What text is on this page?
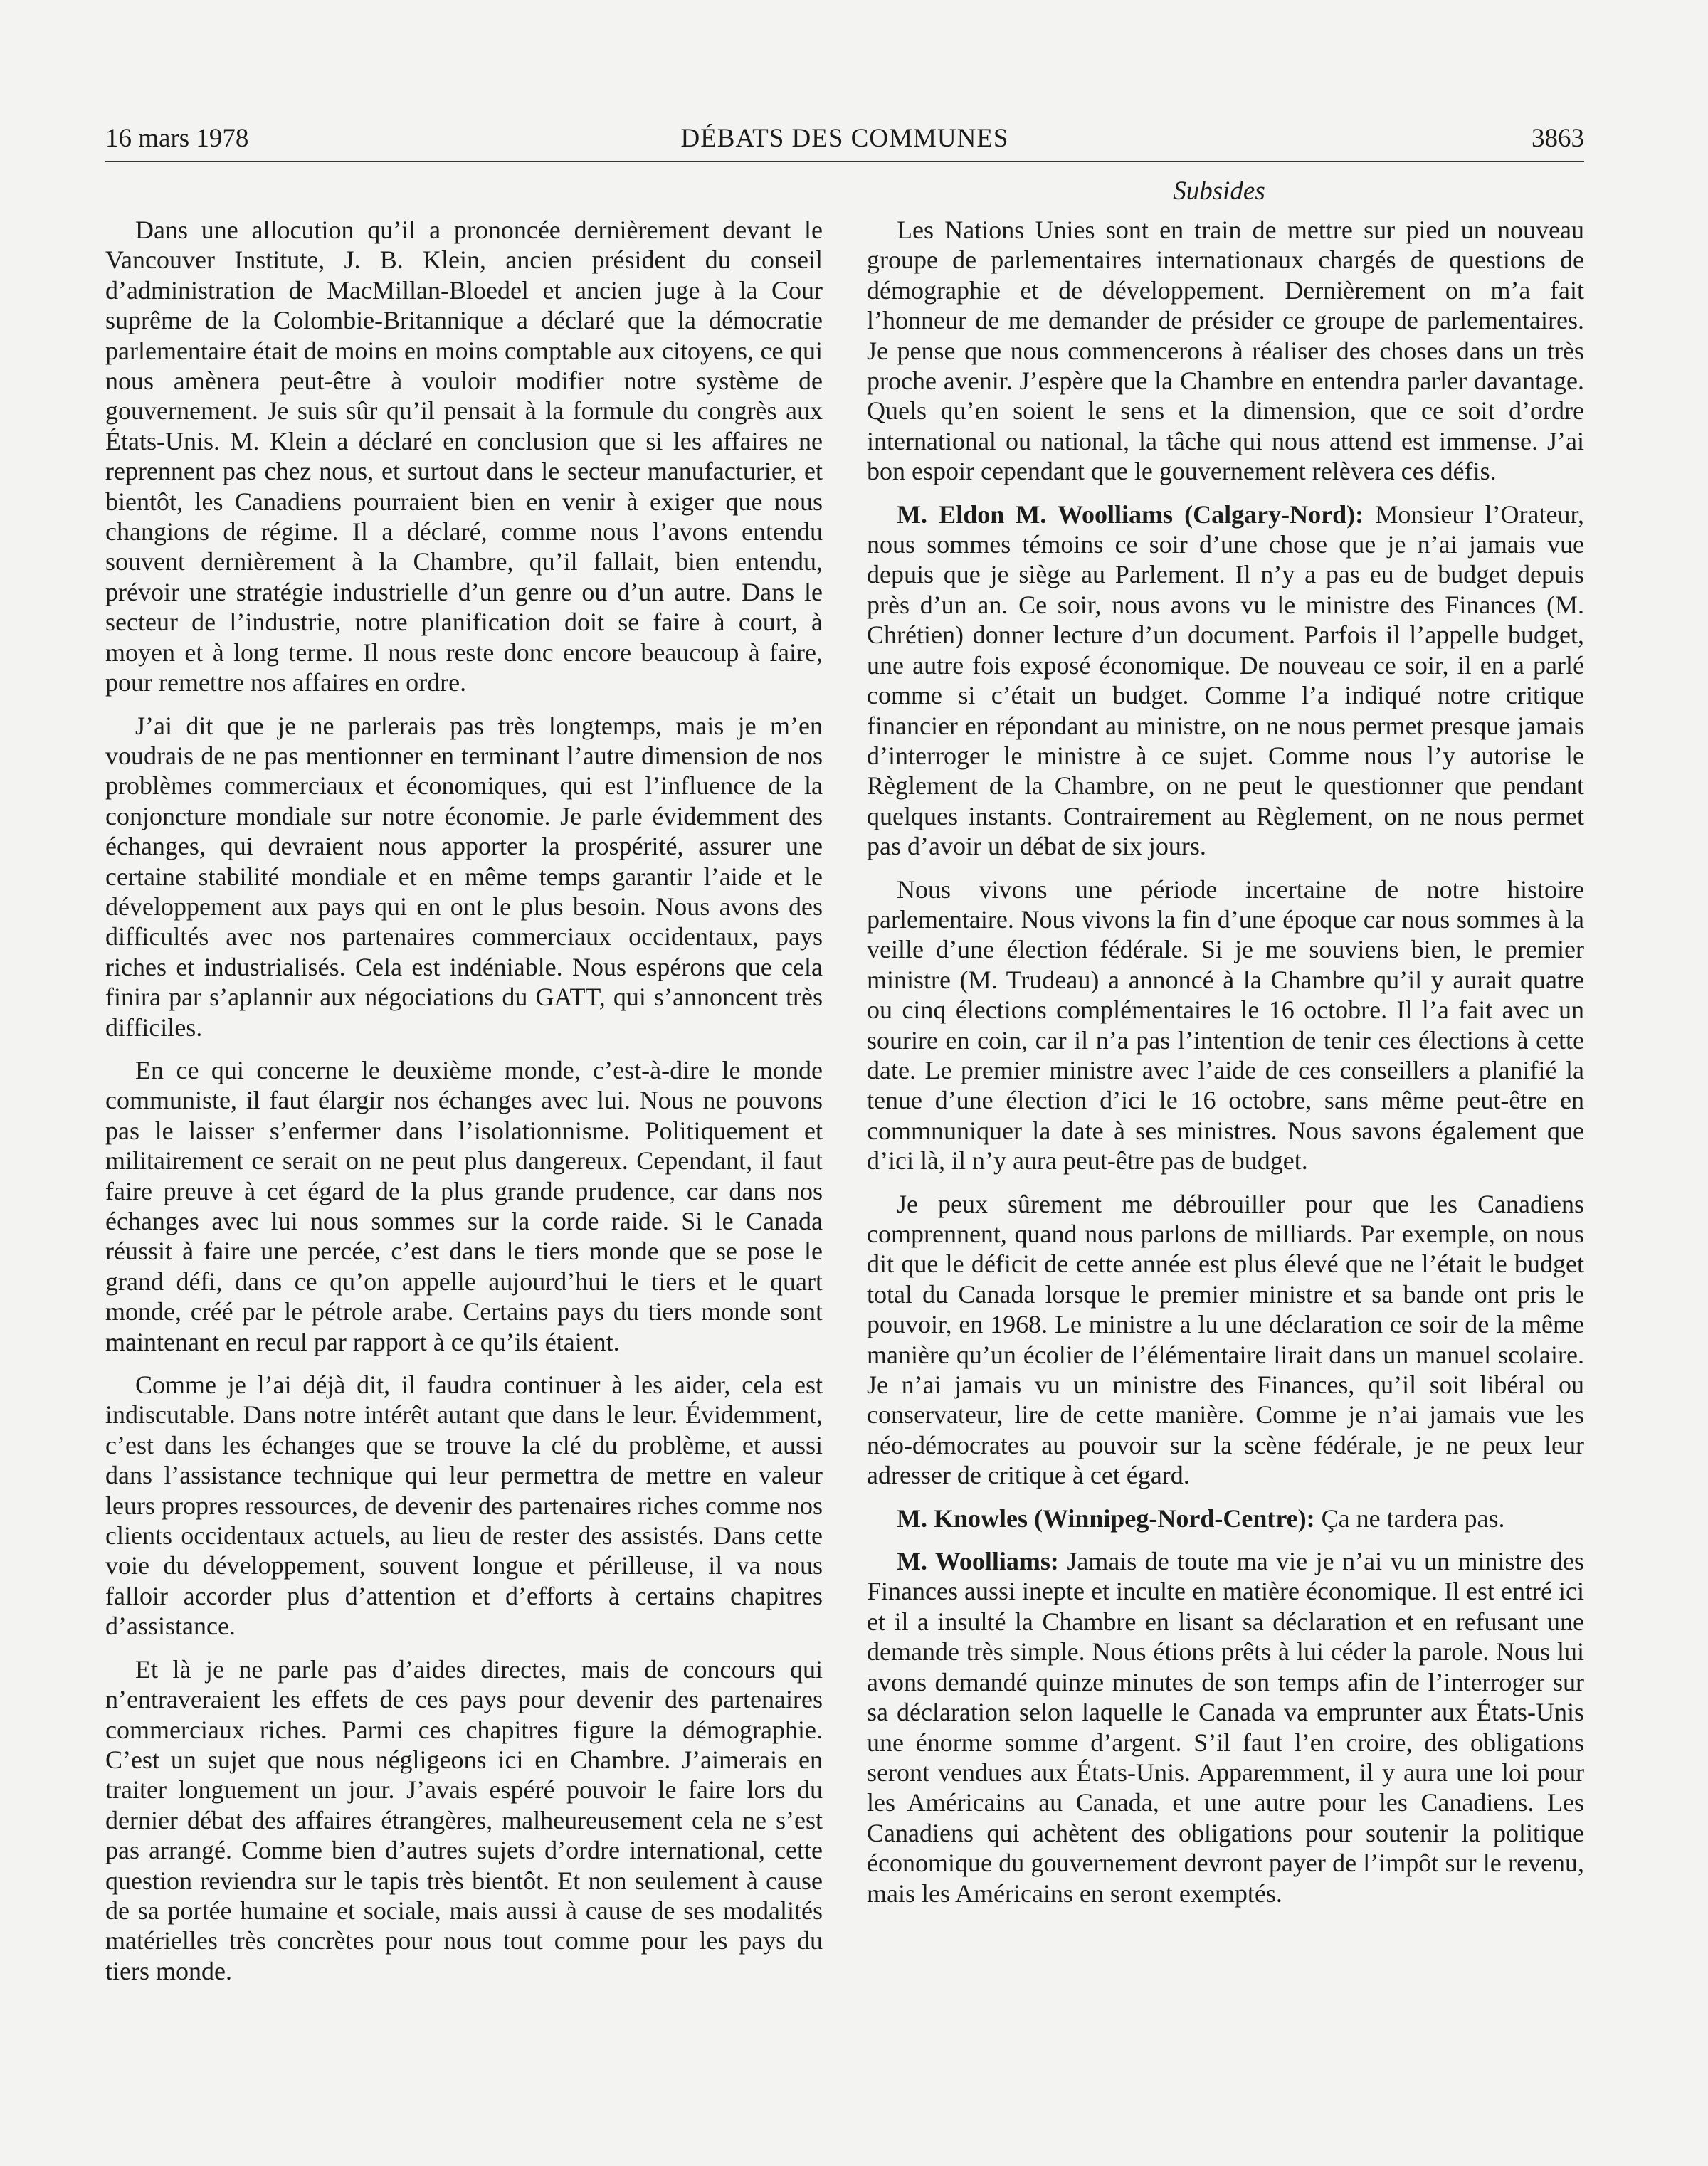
16 mars 1978	DÉBATS DES COMMUNES	3863
Subsides

Dans une allocution qu’il a prononcée dernièrement devant le Vancouver Institute, J. B. Klein, ancien président du conseil d’administration de MacMillan-Bloedel et ancien juge à la Cour suprême de la Colombie-Britannique a déclaré que la démocratie parlementaire était de moins en moins comptable aux citoyens, ce qui nous amènera peut-être à vouloir modifier notre système de gouvernement. Je suis sûr qu’il pensait à la formule du congrès aux États-Unis. M. Klein a déclaré en conclusion que si les affaires ne reprennent pas chez nous, et surtout dans le secteur manufacturier, et bientôt, les Canadiens pourraient bien en venir à exiger que nous changions de régime. Il a déclaré, comme nous l’avons entendu souvent dernièrement à la Chambre, qu’il fallait, bien entendu, prévoir une stratégie industrielle d’un genre ou d’un autre. Dans le secteur de l’industrie, notre planification doit se faire à court, à moyen et à long terme. Il nous reste donc encore beaucoup à faire, pour remettre nos affaires en ordre.

J’ai dit que je ne parlerais pas très longtemps, mais je m’en voudrais de ne pas mentionner en terminant l’autre dimension de nos problèmes commerciaux et économiques, qui est l’influence de la conjoncture mondiale sur notre économie. Je parle évidemment des échanges, qui devraient nous apporter la prospérité, assurer une certaine stabilité mondiale et en même temps garantir l’aide et le développement aux pays qui en ont le plus besoin. Nous avons des difficultés avec nos partenaires commerciaux occidentaux, pays riches et industrialisés. Cela est indéniable. Nous espérons que cela finira par s’aplannir aux négociations du GATT, qui s’annoncent très difficiles.

En ce qui concerne le deuxième monde, c’est-à-dire le monde communiste, il faut élargir nos échanges avec lui. Nous ne pouvons pas le laisser s’enfermer dans l’isolationnisme. Politiquement et militairement ce serait on ne peut plus dangereux. Cependant, il faut faire preuve à cet égard de la plus grande prudence, car dans nos échanges avec lui nous sommes sur la corde raide. Si le Canada réussit à faire une percée, c’est dans le tiers monde que se pose le grand défi, dans ce qu’on appelle aujourd’hui le tiers et le quart monde, créé par le pétrole arabe. Certains pays du tiers monde sont maintenant en recul par rapport à ce qu’ils étaient.

Comme je l’ai déjà dit, il faudra continuer à les aider, cela est indiscutable. Dans notre intérêt autant que dans le leur. Évidemment, c’est dans les échanges que se trouve la clé du problème, et aussi dans l’assistance technique qui leur permettra de mettre en valeur leurs propres ressources, de devenir des partenaires riches comme nos clients occidentaux actuels, au lieu de rester des assistés. Dans cette voie du développement, souvent longue et périlleuse, il va nous falloir accorder plus d’attention et d’efforts à certains chapitres d’assistance.

Et là je ne parle pas d’aides directes, mais de concours qui n’entraveraient les effets de ces pays pour devenir des partenaires commerciaux riches. Parmi ces chapitres figure la démographie. C’est un sujet que nous négligeons ici en Chambre. J’aimerais en traiter longuement un jour. J’avais espéré pouvoir le faire lors du dernier débat des affaires étrangères, malheureusement cela ne s’est pas arrangé. Comme bien d’autres sujets d’ordre international, cette question reviendra sur le tapis très bientôt. Et non seulement à cause de sa portée humaine et sociale, mais aussi à cause de ses modalités matérielles très concrètes pour nous tout comme pour les pays du tiers monde.

Les Nations Unies sont en train de mettre sur pied un nouveau groupe de parlementaires internationaux chargés de questions de démographie et de développement. Dernièrement on m’a fait l’honneur de me demander de présider ce groupe de parlementaires. Je pense que nous commencerons à réaliser des choses dans un très proche avenir. J’espère que la Chambre en entendra parler davantage. Quels qu’en soient le sens et la dimension, que ce soit d’ordre international ou national, la tâche qui nous attend est immense. J’ai bon espoir cependant que le gouvernement relèvera ces défis.

M. Eldon M. Woolliams (Calgary-Nord): Monsieur l’Orateur, nous sommes témoins ce soir d’une chose que je n’ai jamais vue depuis que je siège au Parlement. Il n’y a pas eu de budget depuis près d’un an. Ce soir, nous avons vu le ministre des Finances (M. Chrétien) donner lecture d’un document. Parfois il l’appelle budget, une autre fois exposé économique. De nouveau ce soir, il en a parlé comme si c’était un budget. Comme l’a indiqué notre critique financier en répondant au ministre, on ne nous permet presque jamais d’interroger le ministre à ce sujet. Comme nous l’y autorise le Règlement de la Chambre, on ne peut le questionner que pendant quelques instants. Contrairement au Règlement, on ne nous permet pas d’avoir un débat de six jours.

Nous vivons une période incertaine de notre histoire parlementaire. Nous vivons la fin d’une époque car nous sommes à la veille d’une élection fédérale. Si je me souviens bien, le premier ministre (M. Trudeau) a annoncé à la Chambre qu’il y aurait quatre ou cinq élections complémentaires le 16 octobre. Il l’a fait avec un sourire en coin, car il n’a pas l’intention de tenir ces élections à cette date. Le premier ministre avec l’aide de ces conseillers a planifié la tenue d’une élection d’ici le 16 octobre, sans même peut-être en commnuniquer la date à ses ministres. Nous savons également que d’ici là, il n’y aura peut-être pas de budget.

Je peux sûrement me débrouiller pour que les Canadiens comprennent, quand nous parlons de milliards. Par exemple, on nous dit que le déficit de cette année est plus élevé que ne l’était le budget total du Canada lorsque le premier ministre et sa bande ont pris le pouvoir, en 1968. Le ministre a lu une déclaration ce soir de la même manière qu’un écolier de l’élémentaire lirait dans un manuel scolaire. Je n’ai jamais vu un ministre des Finances, qu’il soit libéral ou conservateur, lire de cette manière. Comme je n’ai jamais vue les néo-démocrates au pouvoir sur la scène fédérale, je ne peux leur adresser de critique à cet égard.

M. Knowles (Winnipeg-Nord-Centre): Ça ne tardera pas.

M. Woolliams: Jamais de toute ma vie je n’ai vu un ministre des Finances aussi inepte et inculte en matière économique. Il est entré ici et il a insulté la Chambre en lisant sa déclaration et en refusant une demande très simple. Nous étions prêts à lui céder la parole. Nous lui avons demandé quinze minutes de son temps afin de l’interroger sur sa déclaration selon laquelle le Canada va emprunter aux États-Unis une énorme somme d’argent. S’il faut l’en croire, des obligations seront vendues aux États-Unis. Apparemment, il y aura une loi pour les Américains au Canada, et une autre pour les Canadiens. Les Canadiens qui achètent des obligations pour soutenir la politique économique du gouvernement devront payer de l’impôt sur le revenu, mais les Américains en seront exemptés.
